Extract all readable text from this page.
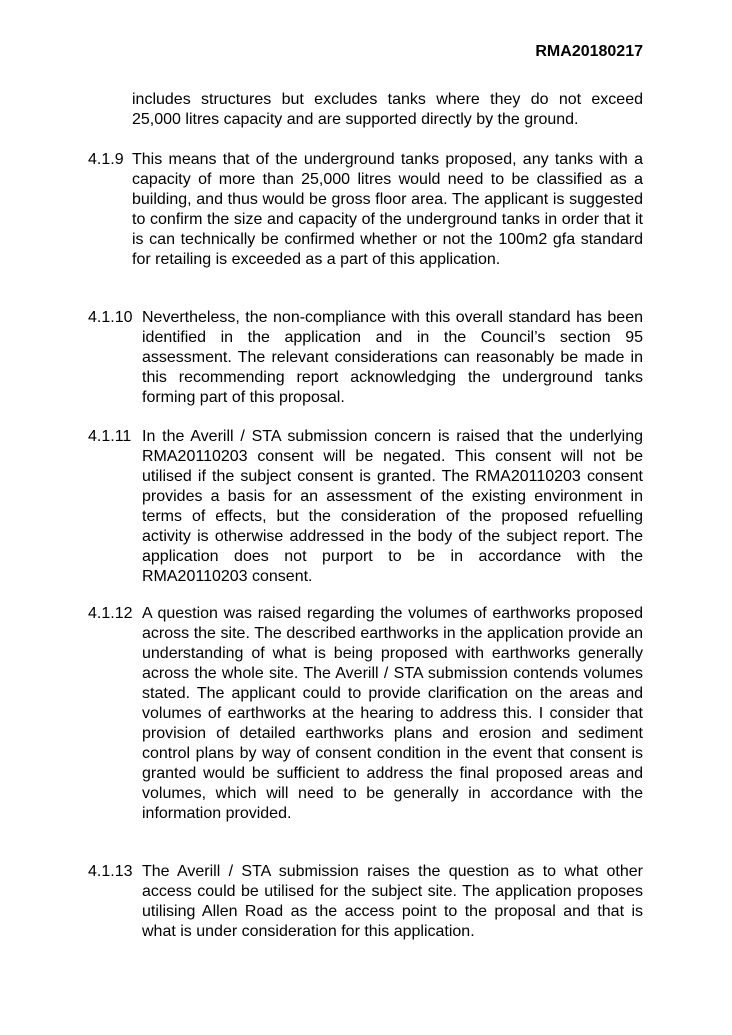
RMA20180217
includes structures but excludes tanks where they do not exceed 25,000 litres capacity and are supported directly by the ground.
4.1.9 This means that of the underground tanks proposed, any tanks with a capacity of more than 25,000 litres would need to be classified as a building, and thus would be gross floor area. The applicant is suggested to confirm the size and capacity of the underground tanks in order that it is can technically be confirmed whether or not the 100m2 gfa standard for retailing is exceeded as a part of this application.
4.1.10 Nevertheless, the non-compliance with this overall standard has been identified in the application and in the Council’s section 95 assessment. The relevant considerations can reasonably be made in this recommending report acknowledging the underground tanks forming part of this proposal.
4.1.11 In the Averill / STA submission concern is raised that the underlying RMA20110203 consent will be negated. This consent will not be utilised if the subject consent is granted. The RMA20110203 consent provides a basis for an assessment of the existing environment in terms of effects, but the consideration of the proposed refuelling activity is otherwise addressed in the body of the subject report. The application does not purport to be in accordance with the RMA20110203 consent.
4.1.12 A question was raised regarding the volumes of earthworks proposed across the site. The described earthworks in the application provide an understanding of what is being proposed with earthworks generally across the whole site. The Averill / STA submission contends volumes stated. The applicant could to provide clarification on the areas and volumes of earthworks at the hearing to address this. I consider that provision of detailed earthworks plans and erosion and sediment control plans by way of consent condition in the event that consent is granted would be sufficient to address the final proposed areas and volumes, which will need to be generally in accordance with the information provided.
4.1.13 The Averill / STA submission raises the question as to what other access could be utilised for the subject site. The application proposes utilising Allen Road as the access point to the proposal and that is what is under consideration for this application.
